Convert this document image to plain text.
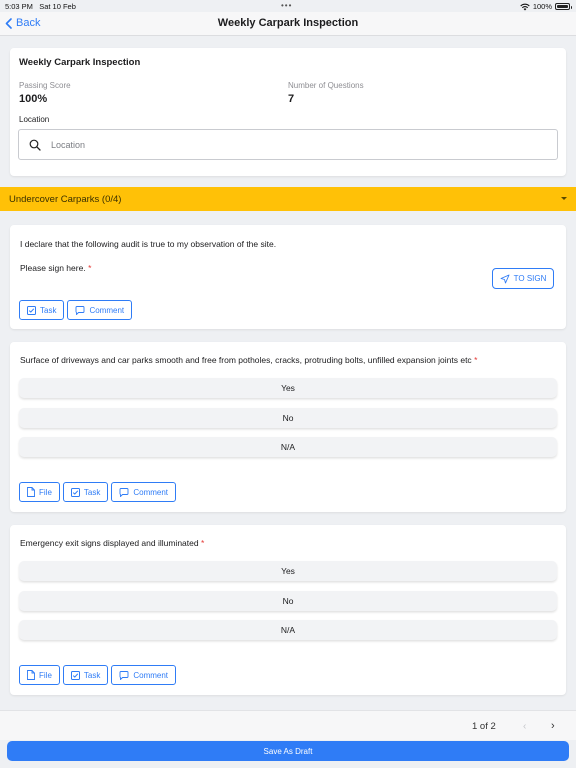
5:03 PM Sat 10 Feb	•••	100%
Back	Weekly Carpark Inspection
Weekly Carpark Inspection
Passing Score
100%
Number of Questions
7
Location
Location
Undercover Carparks (0/4)
I declare that the following audit is true to my observation of the site.
Please sign here. *
TO SIGN
Task	Comment
Surface of driveways and car parks smooth and free from potholes, cracks, protruding bolts, unfilled expansion joints etc *
Yes
No
N/A
File	Task	Comment
Emergency exit signs displayed and illuminated *
Yes
No
N/A
File	Task	Comment
1 of 2	‹ ›
Save As Draft
